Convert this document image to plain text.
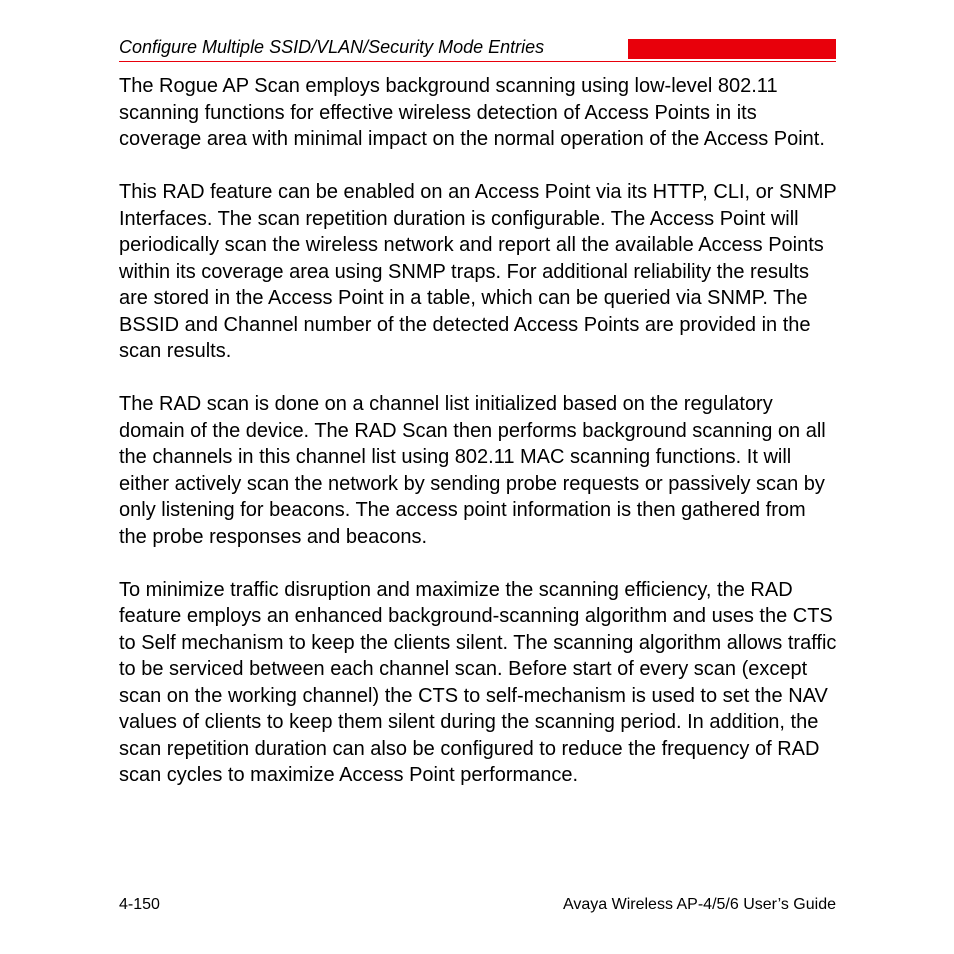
Configure Multiple SSID/VLAN/Security Mode Entries

The Rogue AP Scan employs background scanning using low-level 802.11 scanning functions for effective wireless detection of Access Points in its coverage area with minimal impact on the normal operation of the Access Point.

This RAD feature can be enabled on an Access Point via its HTTP, CLI, or SNMP Interfaces. The scan repetition duration is configurable. The Access Point will periodically scan the wireless network and report all the available Access Points within its coverage area using SNMP traps. For additional reliability the results are stored in the Access Point in a table, which can be queried via SNMP. The BSSID and Channel number of the detected Access Points are provided in the scan results.

The RAD scan is done on a channel list initialized based on the regulatory domain of the device. The RAD Scan then performs background scanning on all the channels in this channel list using 802.11 MAC scanning functions. It will either actively scan the network by sending probe requests or passively scan by only listening for beacons. The access point information is then gathered from the probe responses and beacons.

To minimize traffic disruption and maximize the scanning efficiency, the RAD feature employs an enhanced background-scanning algorithm and uses the CTS to Self mechanism to keep the clients silent. The scanning algorithm allows traffic to be serviced between each channel scan. Before start of every scan (except scan on the working channel) the CTS to self-mechanism is used to set the NAV values of clients to keep them silent during the scanning period. In addition, the scan repetition duration can also be configured to reduce the frequency of RAD scan cycles to maximize Access Point performance.

4-150	Avaya Wireless AP-4/5/6 User’s Guide
